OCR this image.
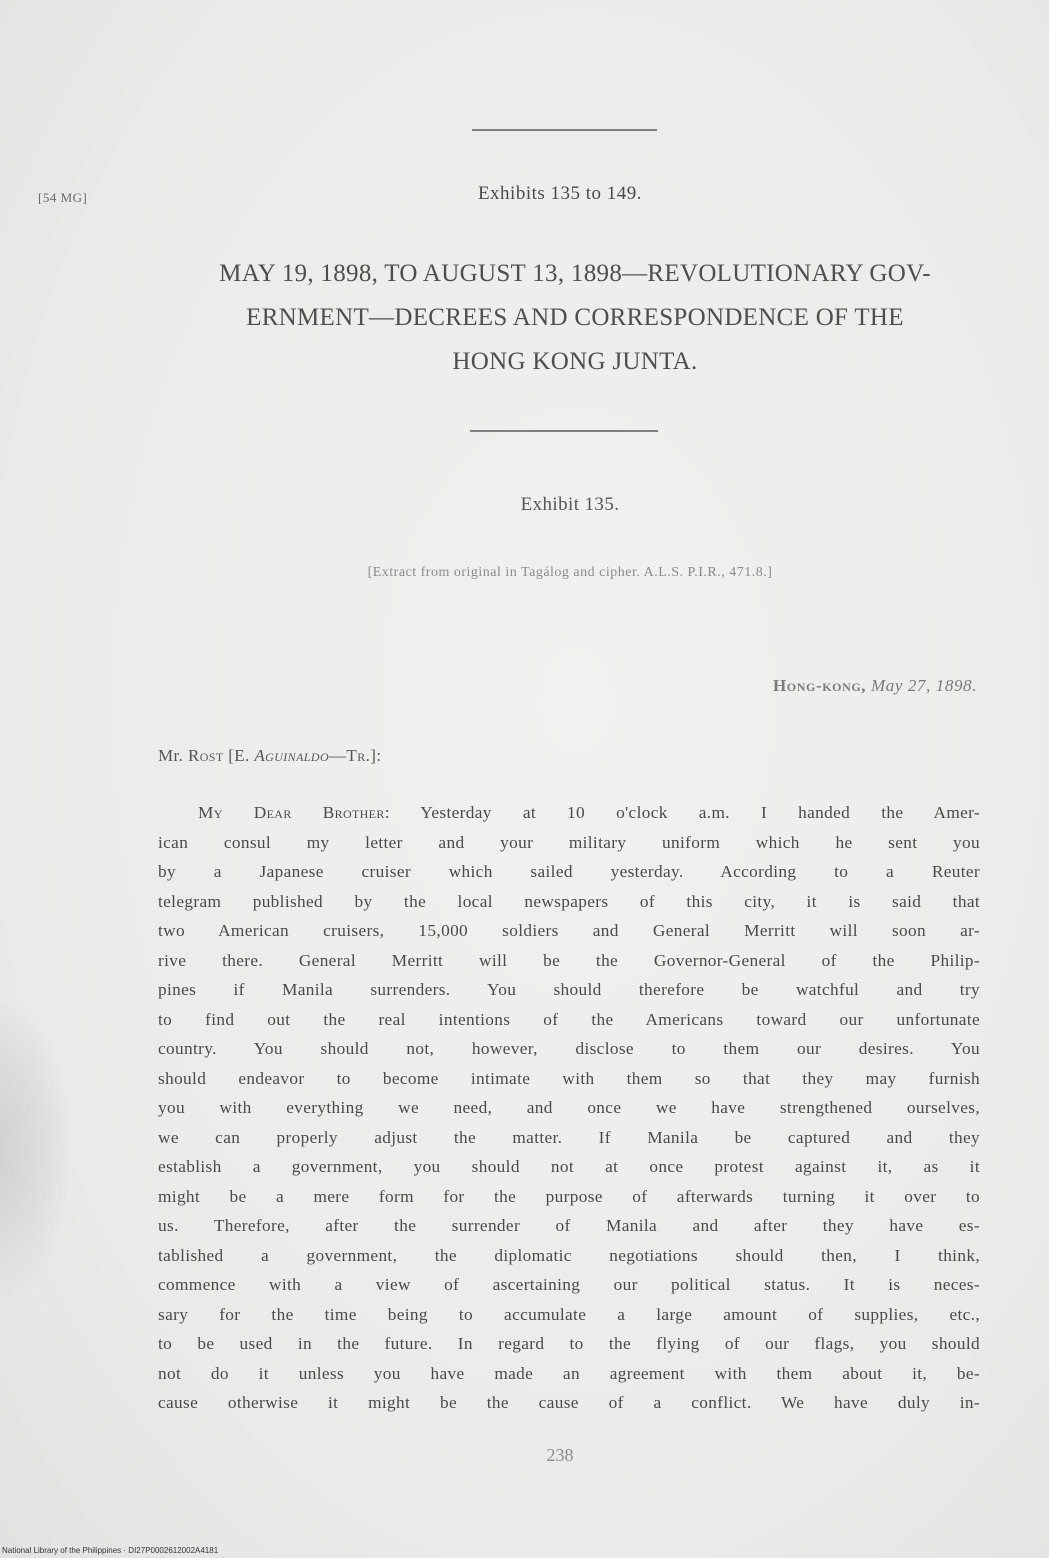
[54 MG]	Exhibits 135 to 149.
MAY 19, 1898, TO AUGUST 13, 1898—REVOLUTIONARY GOV-
ERNMENT—DECREES AND CORRESPONDENCE OF THE
HONG KONG JUNTA.
Exhibit 135.
[Extract from original in Tagálog and cipher. A.L.S. P.I.R., 471.8.]
Hong-kong, May 27, 1898.
Mr. Rost [E. Aguinaldo—Tr.]:
My Dear Brother: Yesterday at 10 o'clock a.m. I handed the Amer-
ican consul my letter and your military uniform which he sent you
by a Japanese cruiser which sailed yesterday. According to a Reuter
telegram published by the local newspapers of this city, it is said that
two American cruisers, 15,000 soldiers and General Merritt will soon ar-
rive there. General Merritt will be the Governor-General of the Philip-
pines if Manila surrenders. You should therefore be watchful and try
to find out the real intentions of the Americans toward our unfortunate
country. You should not, however, disclose to them our desires. You
should endeavor to become intimate with them so that they may furnish
you with everything we need, and once we have strengthened ourselves,
we can properly adjust the matter. If Manila be captured and they
establish a government, you should not at once protest against it, as it
might be a mere form for the purpose of afterwards turning it over to
us. Therefore, after the surrender of Manila and after they have es-
tablished a government, the diplomatic negotiations should then, I think,
commence with a view of ascertaining our political status. It is neces-
sary for the time being to accumulate a large amount of supplies, etc.,
to be used in the future. In regard to the flying of our flags, you should
not do it unless you have made an agreement with them about it, be-
cause otherwise it might be the cause of a conflict. We have duly in-
238
National Library of the Philippines · DI27P0002612002A4181
